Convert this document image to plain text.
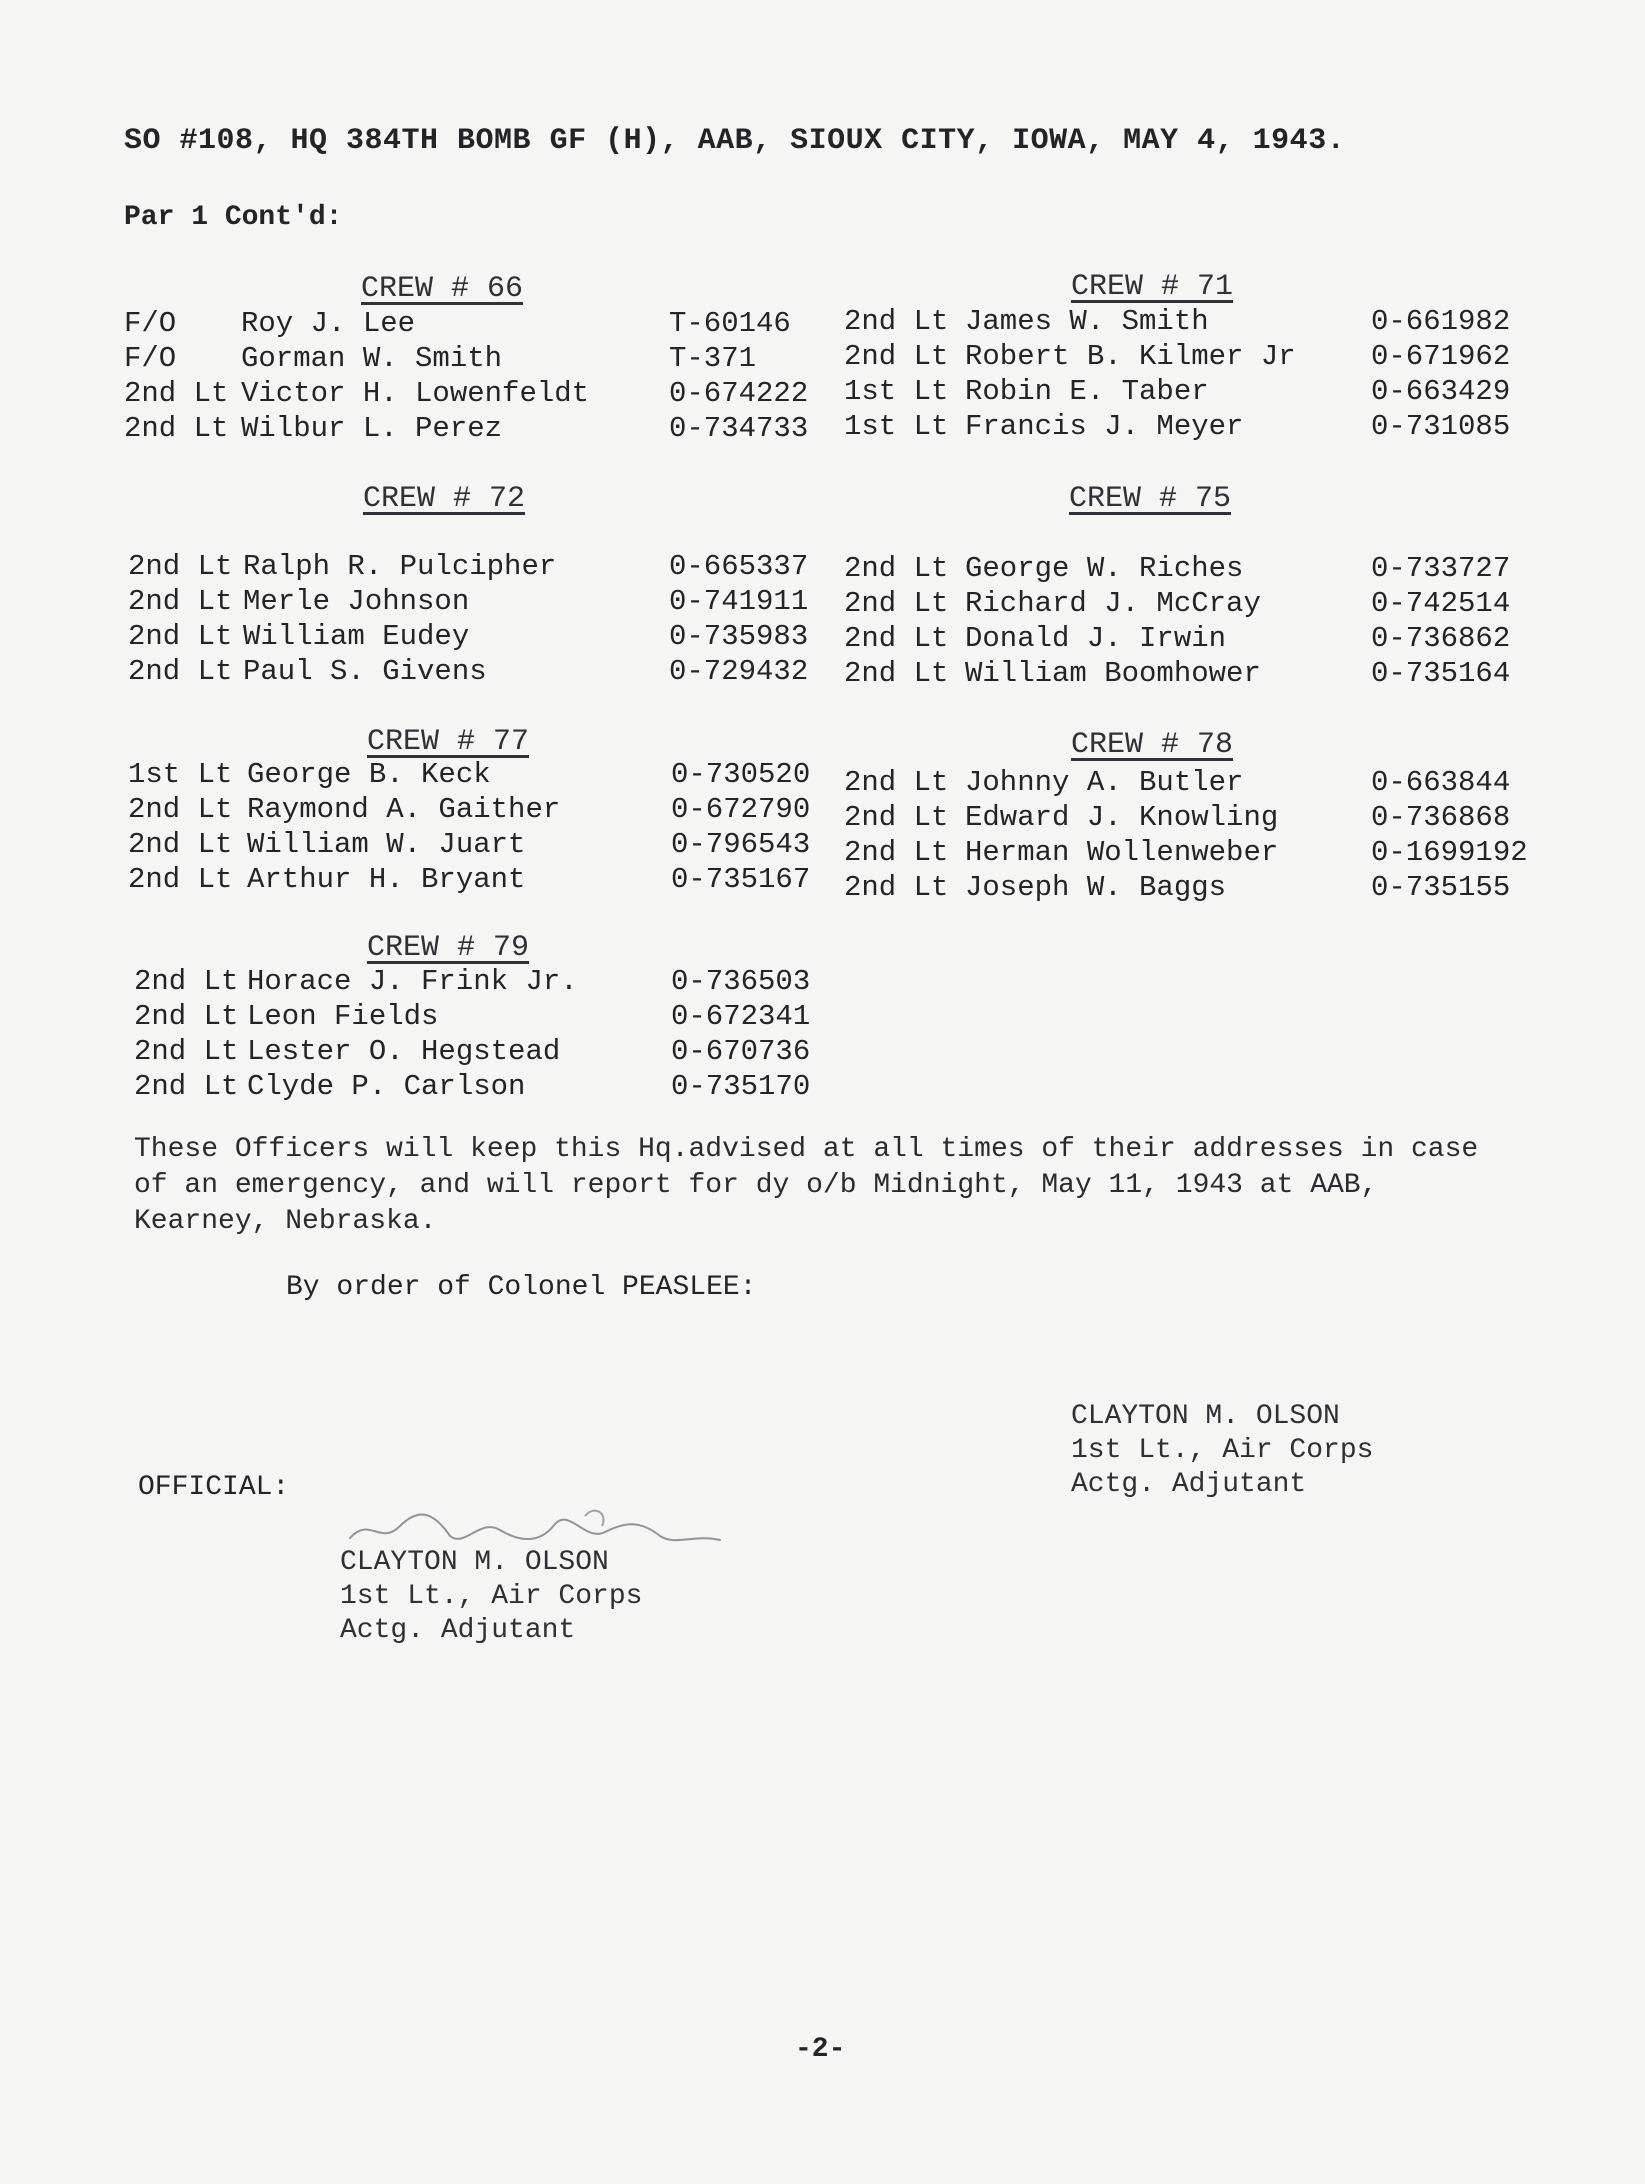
SO #108, HQ 384TH BOMB GF (H), AAB, SIOUX CITY, IOWA, MAY 4, 1943.
Par 1 Cont'd:
CREW # 66
F/O Roy J. Lee	T-60146
F/O Gorman W. Smith	T-371
2nd Lt Victor H. Lowenfeldt	0-674222
2nd Lt Wilbur L. Perez	0-734733
CREW # 71
2nd Lt James W. Smith	0-661982
2nd Lt Robert B. Kilmer Jr	0-671962
1st Lt Robin E. Taber	0-663429
1st Lt Francis J. Meyer	0-731085
CREW # 72
2nd Lt Ralph R. Pulcipher	0-665337
2nd Lt Merle Johnson	0-741911
2nd Lt William Eudey	0-735983
2nd Lt Paul S. Givens	0-729432
CREW # 75
2nd Lt George W. Riches	0-733727
2nd Lt Richard J. McCray	0-742514
2nd Lt Donald J. Irwin	0-736862
2nd Lt William Boomhower	0-735164
CREW # 77
1st Lt George B. Keck	0-730520
2nd Lt Raymond A. Gaither	0-672790
2nd Lt William W. Juart	0-796543
2nd Lt Arthur H. Bryant	0-735167
CREW # 78
2nd Lt Johnny A. Butler	0-663844
2nd Lt Edward J. Knowling	0-736868
2nd Lt Herman Wollenweber	0-1699192
2nd Lt Joseph W. Baggs	0-735155
CREW # 79
2nd Lt Horace J. Frink Jr.	0-736503
2nd Lt Leon Fields	0-672341
2nd Lt Lester O. Hegstead	0-670736
2nd Lt Clyde P. Carlson	0-735170
These Officers will keep this Hq.advised at all times of their addresses in case
of an emergency, and will report for dy o/b Midnight, May 11, 1943 at AAB,
Kearney, Nebraska.
By order of Colonel PEASLEE:
CLAYTON M. OLSON
1st Lt., Air Corps
Actg. Adjutant
OFFICIAL:
CLAYTON M. OLSON
1st Lt., Air Corps
Actg. Adjutant
-2-
